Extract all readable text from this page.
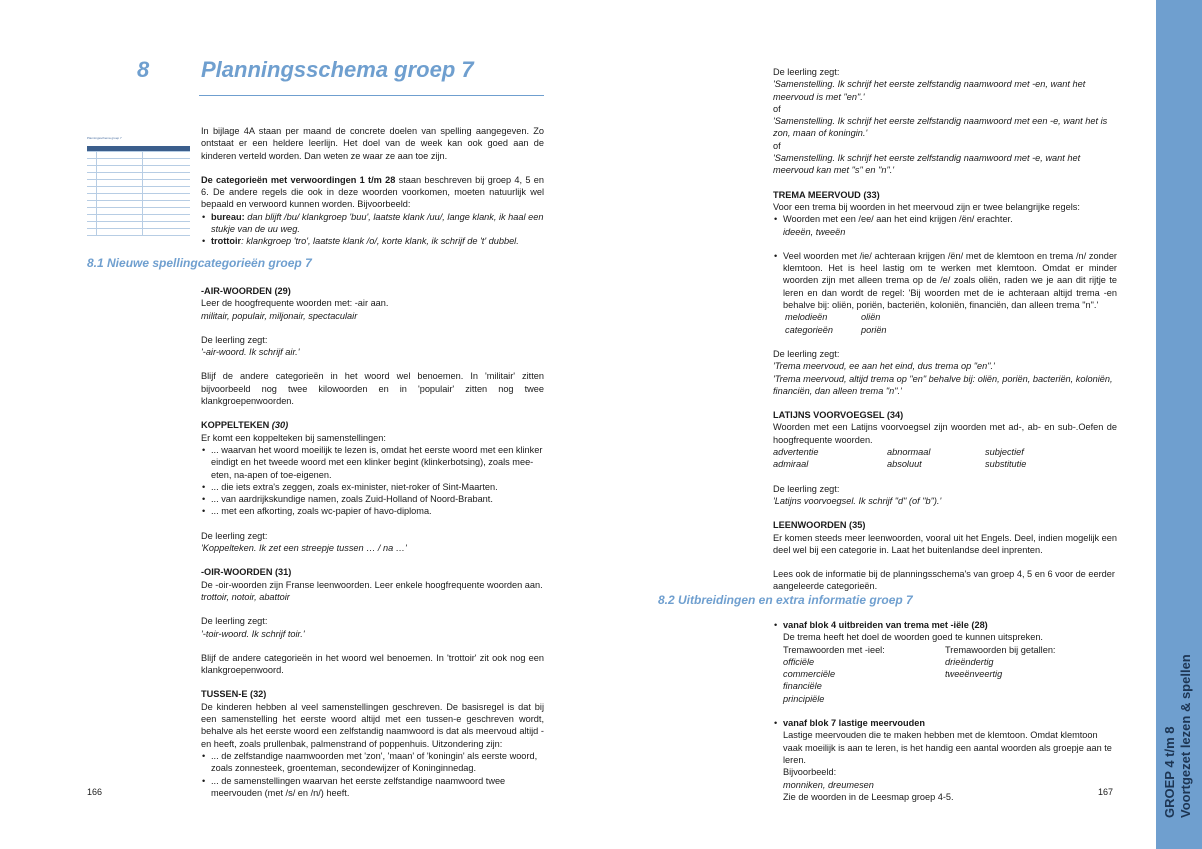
8 Planningsschema groep 7
Planningsschema groep 7

In bijlage 4A staan per maand de concrete doelen van spelling aangegeven. Zo ontstaat er een heldere leerlijn. Het doel van de week kan ook goed aan de kinderen verteld worden. Dan weten ze waar ze aan toe zijn.

De categorieën met verwoordingen 1 t/m 28 staan beschreven bij groep 4, 5 en 6. De andere regels die ook in deze woorden voorkomen, moeten natuurlijk wel bepaald en verwoord kunnen worden. Bijvoorbeeld:

• bureau: dan blijft /bu/ klankgroep 'buu', laatste klank /uu/, lange klank, ik haal een stukje van de uu weg.
• trottoir: klankgroep 'tro', laatste klank /o/, korte klank, ik schrijf de 't' dubbel.
8.1 Nieuwe spellingcategorieën groep 7

-AIR-WOORDEN (29)

Leer de hoogfrequente woorden met: -air aan.

militair, populair, miljonair, spectaculair

De leerling zegt:

'-air-woord. Ik schrijf air.'

Blijf de andere categorieën in het woord wel benoemen. In 'militair' zitten bijvoorbeeld nog twee kilowoorden en in 'populair' zitten nog twee klankgroepenwoorden.

KOPPELTEKEN (30)

Er komt een koppelteken bij samenstellingen:

• ... waarvan het woord moeilijk te lezen is, omdat het eerste woord met een klinker eindigt en het tweede woord met een klinker begint (klinkerbotsing), zoals mee-eten, na-apen of toe-eigenen.
• ... die iets extra's zeggen, zoals ex-minister, niet-roker of Sint-Maarten.
• ... van aardrijkskundige namen, zoals Zuid-Holland of Noord-Brabant.
• ... met een afkorting, zoals wc-papier of havo-diploma.

De leerling zegt:

'Koppelteken. Ik zet een streepje tussen … / na …'

-OIR-WOORDEN (31)

De -oir-woorden zijn Franse leenwoorden. Leer enkele hoogfrequente woorden aan.

trottoir, notoir, abattoir

De leerling zegt:

'-toir-woord. Ik schrijf toir.'

Blijf de andere categorieën in het woord wel benoemen. In 'trottoir' zit ook nog een klankgroepenwoord.

TUSSEN-E (32)

De kinderen hebben al veel samenstellingen geschreven. De basisregel is dat bij een samenstelling het eerste woord altijd met een tussen-e geschreven wordt, behalve als het eerste woord een zelfstandig naamwoord is dat als meervoud altijd -en heeft, zoals prullenbak, palmenstrand of poppenhuis. Uitzondering zijn:

• ... de zelfstandige naamwoorden met 'zon', 'maan' of 'koningin' als eerste woord, zoals zonnesteek, groenteman, secondewijzer of Koninginnedag.
• ... de samenstellingen waarvan het eerste zelfstandige naamwoord twee meervouden (met /s/ en /n/) heeft.
166

De leerling zegt:

'Samenstelling. Ik schrijf het eerste zelfstandig naamwoord met -en, want het meervoud is met "en".'

of

'Samenstelling. Ik schrijf het eerste zelfstandig naamwoord met een -e, want het is zon, maan of koningin.'

of

'Samenstelling. Ik schrijf het eerste zelfstandig naamwoord met -e, want het meervoud kan met "s" en "n".'

TREMA MEERVOUD (33)

Voor een trema bij woorden in het meervoud zijn er twee belangrijke regels:

• Woorden met een /ee/ aan het eind krijgen /ën/ erachter.
ideeën, tweeën
• Veel woorden met /ie/ achteraan krijgen /ën/ met de klemtoon en trema /n/ zonder klemtoon. Het is heel lastig om te werken met klemtoon. Omdat er minder woorden zijn met alleen trema op de /e/ zoals oliën, raden we je aan dit rijtje te leren en dan wordt de regel: 'Bij woorden met de ie achteraan altijd trema -en behalve bij: oliën, poriën, bacteriën, koloniën, financiën, dan alleen trema "n".'
melodieën	oliën
categorieën	poriën

De leerling zegt:

'Trema meervoud, ee aan het eind, dus trema op "en".'

'Trema meervoud, altijd trema op "en" behalve bij: oliën, poriën, bacteriën, koloniën, financiën, dan alleen trema "n".'

LATIJNS VOORVOEGSEL (34)

Woorden met een Latijns voorvoegsel zijn woorden met ad-, ab- en sub-.Oefen de hoogfrequente woorden.

advertentie	abnormaal	subjectief
admiraal	absoluut	substitutie

De leerling zegt:

'Latijns voorvoegsel. Ik schrijf "d" (of "b").'

LEENWOORDEN (35)

Er komen steeds meer leenwoorden, vooral uit het Engels. Deel, indien mogelijk een deel wel bij een categorie in. Laat het buitenlandse deel inprenten.

Lees ook de informatie bij de planningsschema's van groep 4, 5 en 6 voor de eerder aangeleerde categorieën.

8.2 Uitbreidingen en extra informatie groep 7
• vanaf blok 4 uitbreiden van trema met -iële (28)
De trema heeft het doel de woorden goed te kunnen uitspreken.
Tremawoorden met -ieel:
officiële
commerciële
financiële
principiële
Tremawoorden bij getallen:
drieëndertig
tweeënveertig
• vanaf blok 7 lastige meervouden
Lastige meervouden die te maken hebben met de klemtoon. Omdat klemtoon vaak moeilijk is aan te leren, is het handig een aantal woorden als groepje aan te leren.
Bijvoorbeeld:
monniken, dreumesen
Zie de woorden in de Leesmap groep 4-5.	167	GROEP 4 t/m 8 Voortgezet lezen & spellen
